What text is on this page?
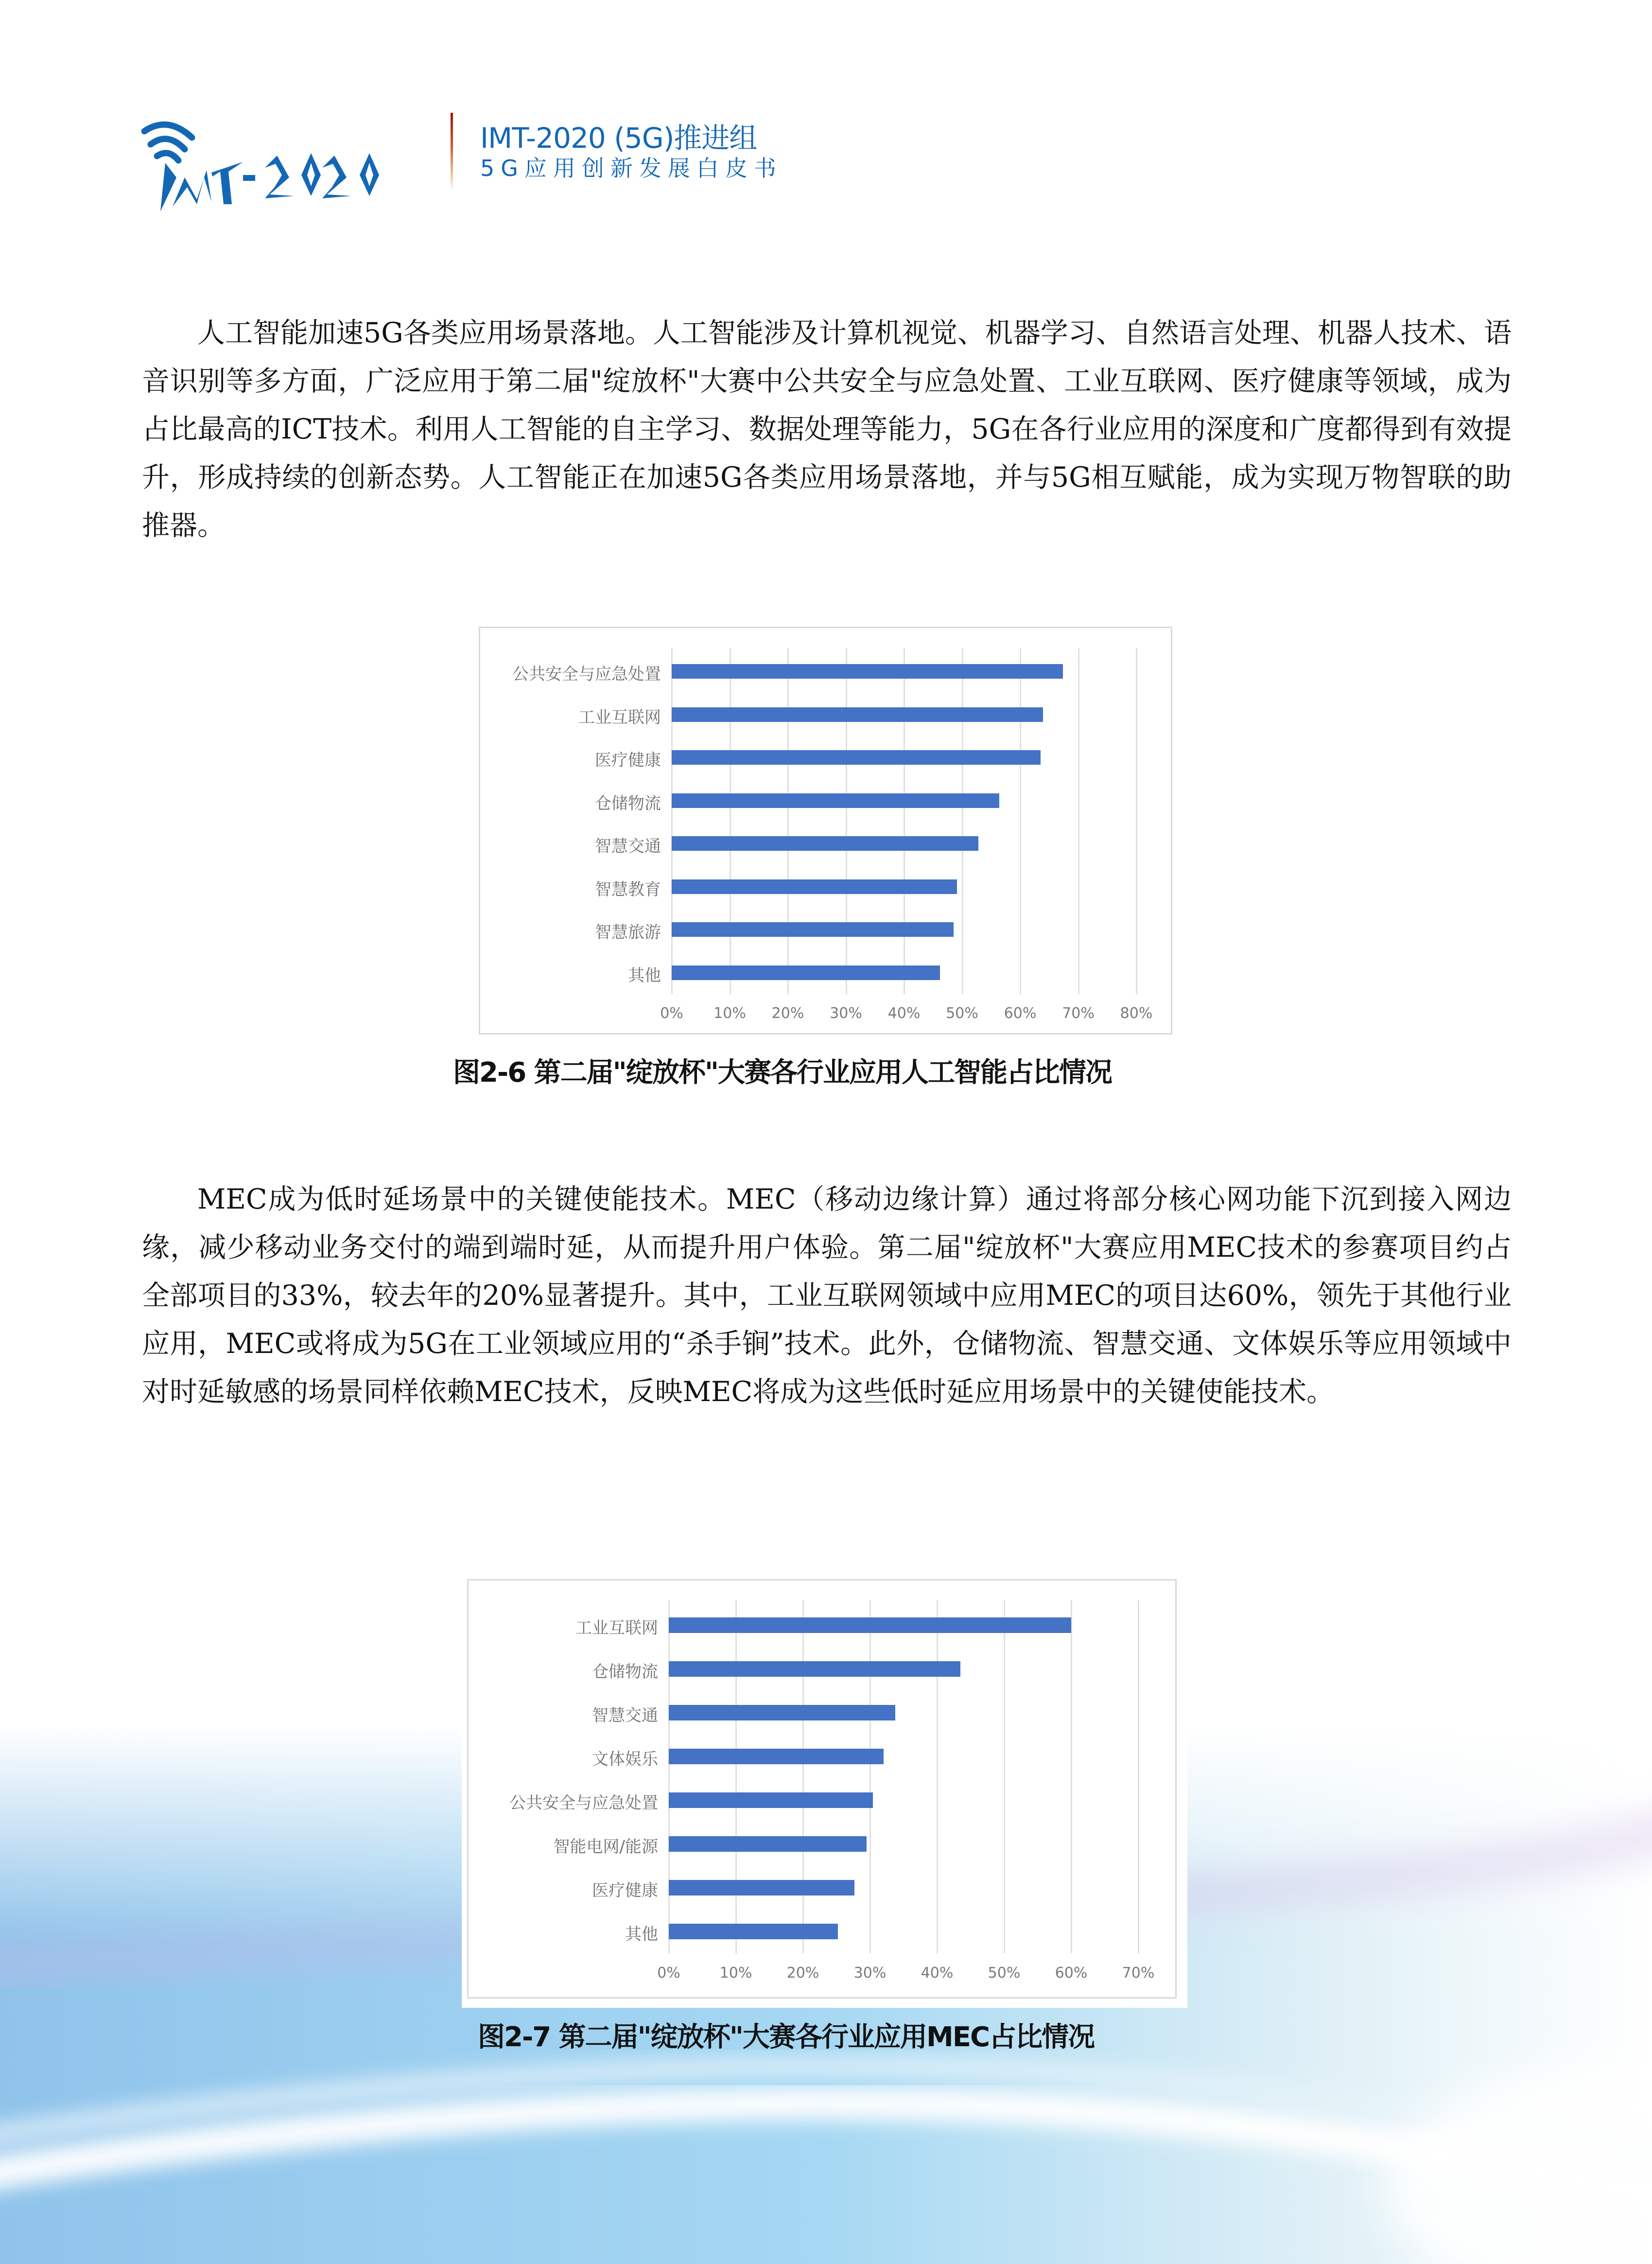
IMT-2020 (5G)推进组
5G应用创新发展白皮书

人工智能加速5G各类应用场景落地。人工智能涉及计算机视觉、机器学习、自然语言处理、机器人技术、语音识别等多方面，广泛应用于第二届"绽放杯"大赛中公共安全与应急处置、工业互联网、医疗健康等领域，成为占比最高的ICT技术。利用人工智能的自主学习、数据处理等能力，5G在各行业应用的深度和广度都得到有效提升，形成持续的创新态势。人工智能正在加速5G各类应用场景落地，并与5G相互赋能，成为实现万物智联的助推器。

公共安全与应急处置
工业互联网
医疗健康
仓储物流
智慧交通
智慧教育
智慧旅游
其他
0%	10%	20%	30%	40%	50%	60%	70%	80%
图2-6 第二届"绽放杯"大赛各行业应用人工智能占比情况

MEC成为低时延场景中的关键使能技术。MEC（移动边缘计算）通过将部分核心网功能下沉到接入网边缘，减少移动业务交付的端到端时延，从而提升用户体验。第二届"绽放杯"大赛应用MEC技术的参赛项目约占全部项目的33%，较去年的20%显著提升。其中，工业互联网领域中应用MEC的项目达60%，领先于其他行业应用，MEC或将成为5G在工业领域应用的“杀手锏”技术。此外，仓储物流、智慧交通、文体娱乐等应用领域中对时延敏感的场景同样依赖MEC技术，反映MEC将成为这些低时延应用场景中的关键使能技术。

工业互联网
仓储物流
智慧交通
文体娱乐
公共安全与应急处置
智能电网/能源
医疗健康
其他
0%	10%	20%	30%	40%	50%	60%	70%
图2-7 第二届"绽放杯"大赛各行业应用MEC占比情况
